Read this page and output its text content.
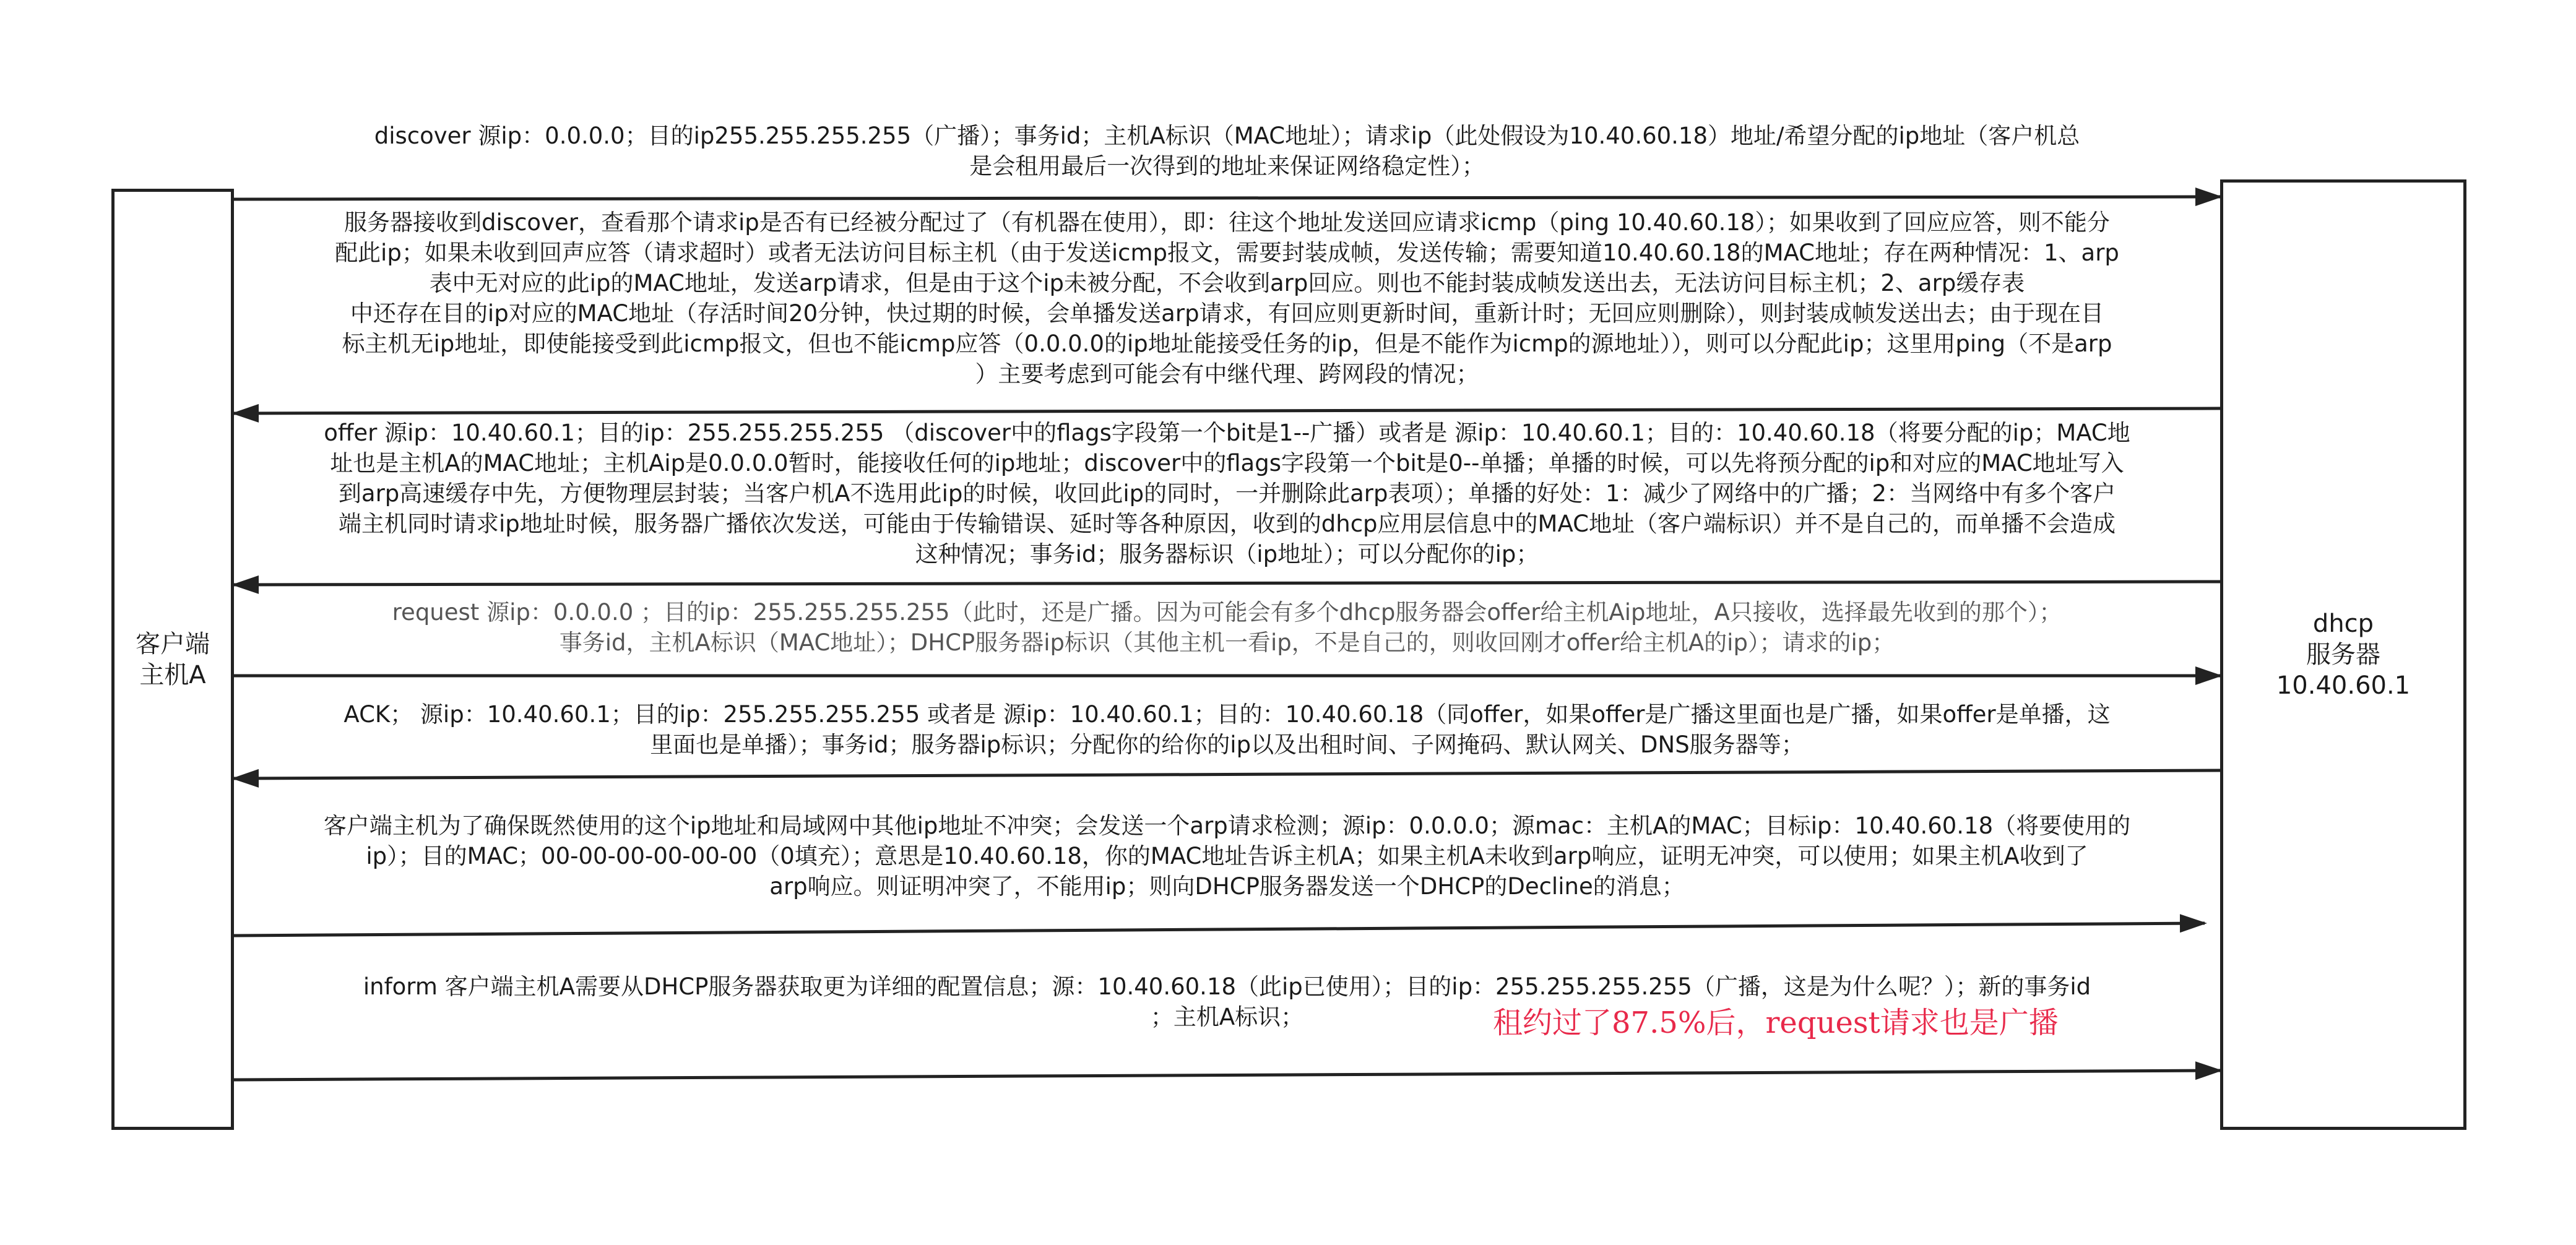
客户端
主机A
dhcp
服务器
10.40.60.1
discover 源ip：0.0.0.0；目的ip255.255.255.255（广播）；事务id；主机A标识（MAC地址）；请求ip（此处假设为10.40.60.18）地址/希望分配的ip地址（客户机总
是会租用最后一次得到的地址来保证网络稳定性）；
服务器接收到discover，查看那个请求ip是否有已经被分配过了（有机器在使用），即：往这个地址发送回应请求icmp（ping 10.40.60.18）；如果收到了回应应答，则不能分
配此ip；如果未收到回声应答（请求超时）或者无法访问目标主机（由于发送icmp报文，需要封装成帧，发送传输；需要知道10.40.60.18的MAC地址；存在两种情况：1、arp
表中无对应的此ip的MAC地址，发送arp请求，但是由于这个ip未被分配，不会收到arp回应。则也不能封装成帧发送出去，无法访问目标主机；2、arp缓存表
中还存在目的ip对应的MAC地址（存活时间20分钟，快过期的时候，会单播发送arp请求，有回应则更新时间，重新计时；无回应则删除），则封装成帧发送出去；由于现在目
标主机无ip地址，即使能接受到此icmp报文，但也不能icmp应答（0.0.0.0的ip地址能接受任务的ip，但是不能作为icmp的源地址）），则可以分配此ip；这里用ping（不是arp
）主要考虑到可能会有中继代理、跨网段的情况；
offer 源ip：10.40.60.1；目的ip：255.255.255.255 （discover中的flags字段第一个bit是1--广播）或者是 源ip：10.40.60.1；目的：10.40.60.18（将要分配的ip；MAC地
址也是主机A的MAC地址；主机Aip是0.0.0.0暂时，能接收任何的ip地址；discover中的flags字段第一个bit是0--单播；单播的时候，可以先将预分配的ip和对应的MAC地址写入
到arp高速缓存中先，方便物理层封装；当客户机A不选用此ip的时候，收回此ip的同时，一并删除此arp表项）；单播的好处：1：减少了网络中的广播；2：当网络中有多个客户
端主机同时请求ip地址时候，服务器广播依次发送，可能由于传输错误、延时等各种原因，收到的dhcp应用层信息中的MAC地址（客户端标识）并不是自己的，而单播不会造成
这种情况；事务id；服务器标识（ip地址）；可以分配你的ip；
request 源ip：0.0.0.0 ；目的ip：255.255.255.255（此时，还是广播。因为可能会有多个dhcp服务器会offer给主机Aip地址，A只接收，选择最先收到的那个）；
事务id，主机A标识（MAC地址）；DHCP服务器ip标识（其他主机一看ip，不是自己的，则收回刚才offer给主机A的ip）；请求的ip；
ACK； 源ip：10.40.60.1；目的ip：255.255.255.255 或者是 源ip：10.40.60.1；目的：10.40.60.18（同offer，如果offer是广播这里面也是广播，如果offer是单播，这
里面也是单播）；事务id；服务器ip标识；分配你的给你的ip以及出租时间、子网掩码、默认网关、DNS服务器等；
客户端主机为了确保既然使用的这个ip地址和局域网中其他ip地址不冲突；会发送一个arp请求检测；源ip：0.0.0.0；源mac：主机A的MAC；目标ip：10.40.60.18（将要使用的
ip）；目的MAC；00-00-00-00-00-00（0填充）；意思是10.40.60.18，你的MAC地址告诉主机A；如果主机A未收到arp响应，证明无冲突，可以使用；如果主机A收到了
arp响应。则证明冲突了，不能用ip；则向DHCP服务器发送一个DHCP的Decline的消息；
inform 客户端主机A需要从DHCP服务器获取更为详细的配置信息；源：10.40.60.18（此ip已使用）；目的ip：255.255.255.255（广播，这是为什么呢？）；新的事务id
；主机A标识；	租约过了87.5%后，request请求也是广播
